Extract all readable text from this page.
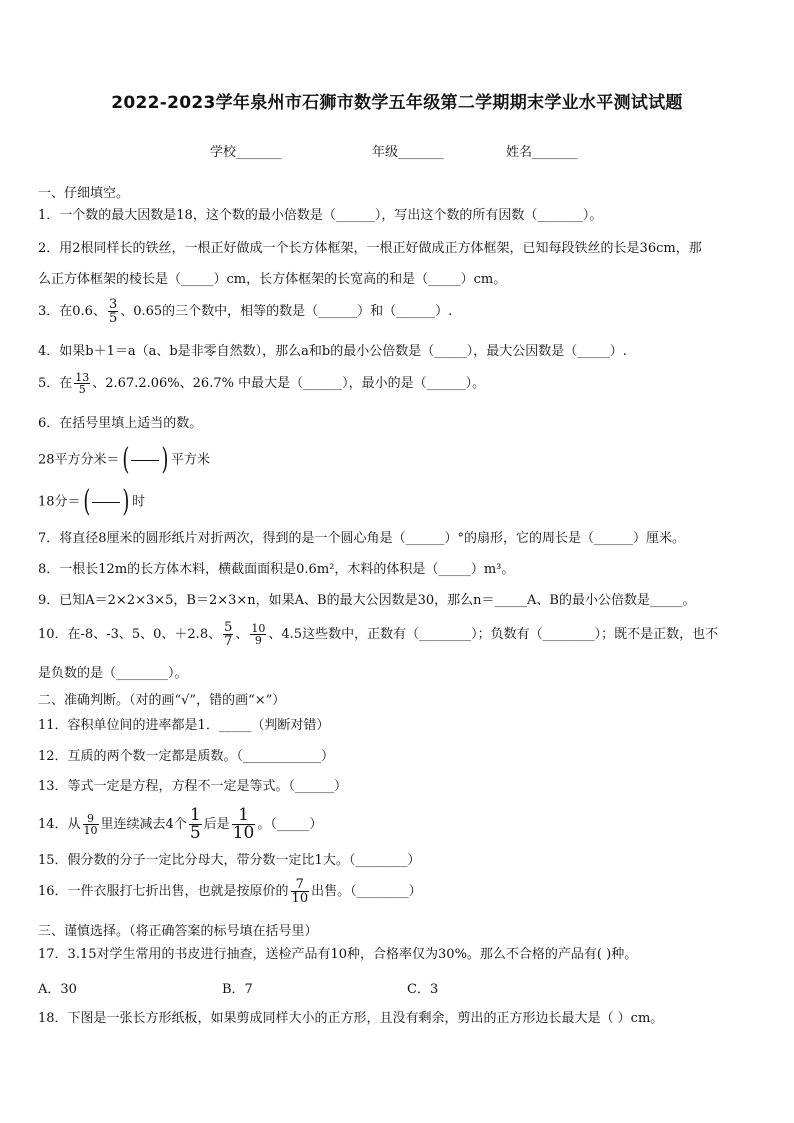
2022-2023学年泉州市石狮市数学五年级第二学期期末学业水平测试试题
学校_______	年级_______	姓名_______
一、仔细填空。
1．一个数的最大因数是18，这个数的最小倍数是（______），写出这个数的所有因数（_______）。
2．用2根同样长的铁丝，一根正好做成一个长方体框架，一根正好做成正方体框架，已知每段铁丝的长是36cm，那
么正方体框架的棱长是（_____）cm，长方体框架的长宽高的和是（_____）cm。
3．在0.6、 $\frac{3}{5}$ 、0.65的三个数中，相等的数是（______）和（______）.
4．如果b＋1＝a（a、b是非零自然数），那么a和b的最小公倍数是（_____），最大公因数是（_____）.
5．在 $\frac{13}{5}$ 、2.67.2.06%、26.7% 中最大是（______），最小的是（______）。
6．在括号里填上适当的数。
28平方分米＝( ) 平方米
18分＝( ) 时
7．将直径8厘米的圆形纸片对折两次，得到的是一个圆心角是（______）°的扇形，它的周长是（______）厘米。
8．一根长12m的长方体木料，横截面面积是0.6m²，木料的体积是（_____）m³。
9．已知A＝2×2×3×5，B＝2×3×n，如果A、B的最大公因数是30，那么n＝_____A、B的最小公倍数是_____。
10．在-8、-3、5、0、＋2.8、 $\frac{5}{7}$ 、 $\frac{10}{9}$ 、4.5这些数中，正数有（________）；负数有（________）；既不是正数，也不
是负数的是（________）。
二、准确判断。（对的画“√”，错的画“×”）
11．容积单位间的进率都是1．_____（判断对错）
12．互质的两个数一定都是质数。（____________）
13．等式一定是方程，方程不一定是等式。（______）
14．从 $\frac{9}{10}$ 里连续减去4个 $\frac{1}{5}$ 后是 $\frac{1}{10}$ 。（_____）
15．假分数的分子一定比分母大，带分数一定比1大。（________）
16．一件衣服打七折出售，也就是按原价的 $\frac{7}{10}$ 出售。（________）
三、谨慎选择。（将正确答案的标号填在括号里）
17．3.15对学生常用的书皮进行抽查，送检产品有10种，合格率仅为30%。那么不合格的产品有( )种。
A．30	B．7	C．3
18．下图是一张长方形纸板，如果剪成同样大小的正方形，且没有剩余，剪出的正方形边长最大是（ ）cm。
